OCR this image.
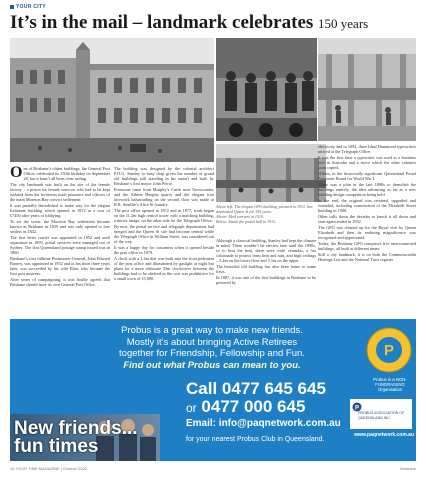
YOUR CITY
It’s in the mail – landmark celebrates 150 years

Above left: The elegant GPO building, pictured in 1931, has dominated Queen St for 150 years.

Above: Mail carriers in 1916.

Below: Inside the postal hall in 1912.

One of Brisbane’s oldest buildings, the General Post Office, celebrated its 150th birthday on September 28, but it hasn’t all been clear sailing.

The city landmark was built on the site of the female factory – a prison for female convicts who had to be kept isolated from the lecherous male prisoners and officers of the main Moreton Bay convict settlement.

It was partially demolished to make way for the elegant Italianate building which opened in 1872 at a cost of £7450 after years of lobbying.

To set the scene, the Moreton Bay settlement became known as Brisbane in 1839 and was only opened to free settlers in 1842.

The first letter carrier was appointed in 1852 and until separation in 1859, postal services were managed out of Sydney. The first Queensland postage stamp issued was in 1860.

Brisbane’s first fulltime Postmaster-General, John Edward Barney, was appointed in 1852 and in his short three years later, was succeeded by his wife Elise, who became the first post mistress.

After years of campaigning, it was finally agreed that Brisbane should have its own General Post Office.

The building was designed by the colonial architect F.D.G. Stanley (a busy chap given the number of grand old buildings still standing in his name) and built by Brisbane’s first mayor John Petrie.

Freestone came from Murphy’s Creek near Toowoomba, and the Albion Heights quarry and the elegant iron lacework balustrading on the second floor was made at R.R. Smellie’s Alice St foundry.

The post office opened in 1872 and in 1877, work began on the 11.2m high central tower with a matching building, a mirror image, on the other side for the Telegraph Office.

By now, the postal service and telegraph departments had merged and the Queen St site had become central while the Telegraph Office in William Street, was considered out of the way.

It was a happy day for customers when it opened beside the post office in 1879.

A clock with a 1.4m dial was built into the front pediment of the post office and illuminated by gaslight at night but plans for a more elaborate 33m clocktower between the buildings had to be shelved as the cost was prohibitive for a small town of 15,000.

Although a classical building, Stanley had kept the climate in mind. There wouldn’t be electric fans until the 1890s, so to beat the heat, there were wide verandas, a 3m colonnade to protect from heat and rain, and high ceilings – 5.4m on the lower floor and 5.1m on the upper.

The beautiful old building has also been home to some firsts.

In 1887, it was one of the first buildings in Brisbane to be powered by

electricity and in 1892, three Ideal Hammond typewriters arrived at the Telegraph Office.

It was the first time a typewriter was used as a business tool in Australia and a move which the other colonies soon copied.

Within, in the historically significant Queensland Postal Pensioner Board for World War I.

There was a plan in the late 1890s to demolish the buildings entirely, the idea advancing as far as a new building design competition being held.

In the end, the original was retained, upgraded and extended, including construction of the Elizabeth Street building in 1908.

Other calls down the decades to knock it all down and start again ended in 1952.

The GPO was cleaned up for the Royal visit by Queen Elizabeth and then its enduring magnificence was recognised and appreciated.

Today, the Brisbane GPO comprises five interconnected buildings, all built at different times.

Still a city landmark, it is on both the Commonwealth Heritage List and the National Trust register.

Probus is a great way to make new friends.
Mostly it’s about bringing Active Retirees
together for Friendship, Fellowship and Fun.
Find out what Probus can mean to you.
Call 0477 645 645
or 0477 000 645
Email: info@paqnetwork.com.au
for your nearest Probus Club in Queensland.
New friends...
fun times
P
Probus is a NON-FUNDRAISING Organisation
P
PROBUS ASSOCIATION OF QUEENSLAND INC
www.paqnetwork.com.au
16 YOUR TIME MAGAZINE | October 2022	Brisbane
